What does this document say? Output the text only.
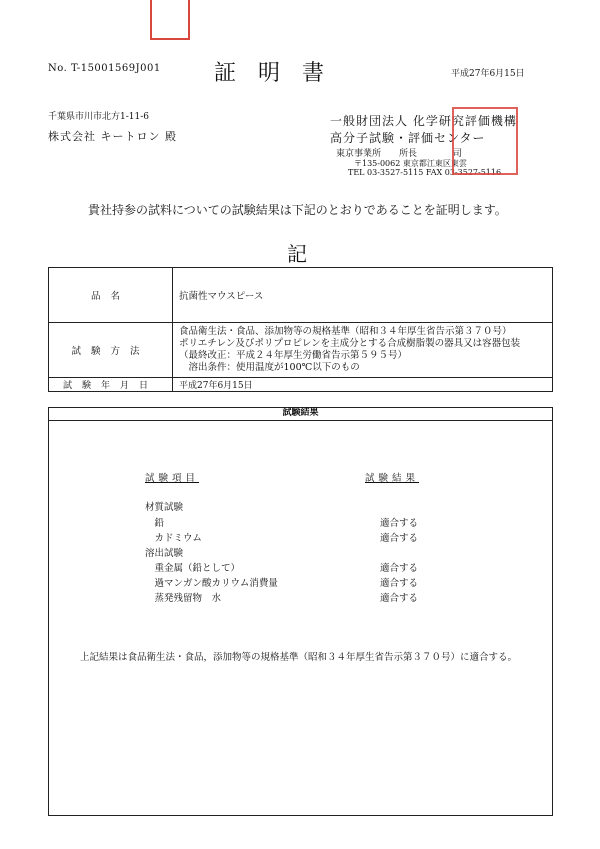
No. T-15001569J001 証明書	平成27年6月15日
千葉県市川市北方1-11-6
株式会社 キートロン 殿
一般財団法人 化学研究評価機構
高分子試験・評価センター
東京事業所　　所長　　　　司
〒135-0062 東京都江東区東雲
TEL 03-3527-5115 FAX 03-3527-5116
貴社持参の試料についての試験結果は下記のとおりであることを証明します。
記
品名	抗菌性マウスピース
試験方法	食品衛生法・食品、添加物等の規格基準（昭和３４年厚生省告示第３７０号）
ポリエチレン及びポリプロピレンを主成分とする合成樹脂製の器具又は容器包装
（最終改正：平成２４年厚生労働省告示第５９５号）
　溶出条件：使用温度が100℃以下のもの

試験年月日	平成27年6月15日
試験結果
試験項目	試験結果
材質試験
　鉛	適合する
　カドミウム	適合する
溶出試験
　重金属（鉛として）	適合する
　過マンガン酸カリウム消費量	適合する
　蒸発残留物　水	適合する
上記結果は食品衛生法・食品，添加物等の規格基準（昭和３４年厚生省告示第３７０号）に適合する。
